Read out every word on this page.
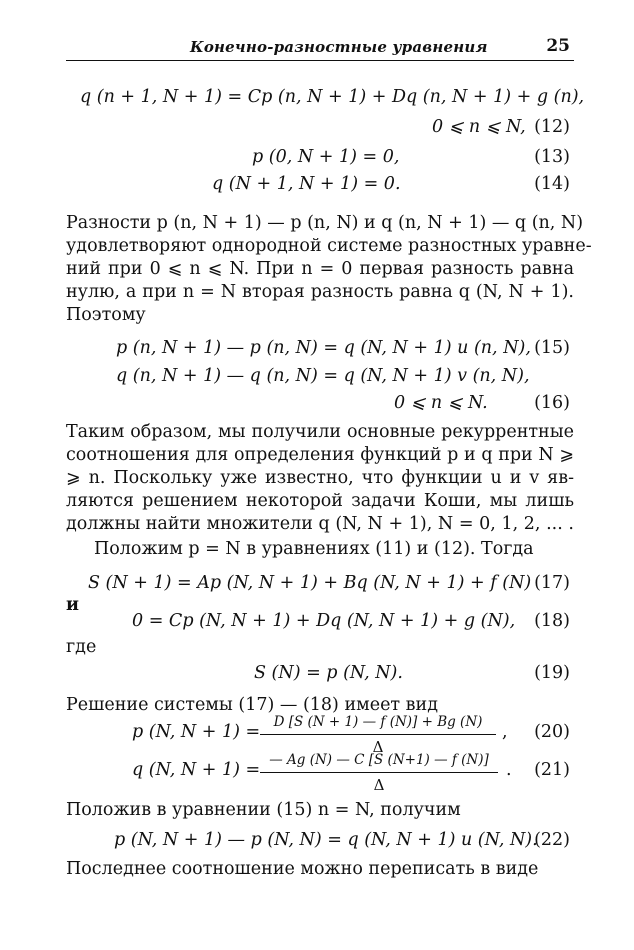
Конечно-разностные уравнения	25
q (n + 1, N + 1) = Cp (n, N + 1) + Dq (n, N + 1) + g (n),
0 ⩽ n ⩽ N, (12)
p (0, N + 1) = 0,	(13)
q (N + 1, N + 1) = 0.	(14)
Разности p (n, N + 1) — p (n, N) и q (n, N + 1) — q (n, N)
удовлетворяют однородной системе разностных уравне-
ний при 0 ⩽ n ⩽ N. При n = 0 первая разность равна
нулю, а при n = N вторая разность равна q (N, N + 1).
Поэтому
p (n, N + 1) — p (n, N) = q (N, N + 1) u (n, N), (15)
q (n, N + 1) — q (n, N) = q (N, N + 1) v (n, N),
0 ⩽ n ⩽ N.	(16)
Таким образом, мы получили основные рекуррентные
соотношения для определения функций p и q при N ⩾
⩾ n. Поскольку уже известно, что функции u и v яв-
ляются решением некоторой задачи Коши, мы лишь
должны найти множители q (N, N + 1), N = 0, 1, 2, ... .
Положим p = N в уравнениях (11) и (12). Тогда
S (N + 1) = Ap (N, N + 1) + Bq (N, N + 1) + f (N) (17)
и
0 = Cp (N, N + 1) + Dq (N, N + 1) + g (N), (18)
где
S (N) = p (N, N).	(19)
Решение системы (17) — (18) имеет вид
p (N, N + 1) = D [S (N + 1) — f (N)] + Bg (N)
Δ
, (20)
q (N, N + 1) = — Ag (N) — C [S (N+1) — f (N)]
Δ
. (21)
Положив в уравнении (15) n = N, получим
p (N, N + 1) — p (N, N) = q (N, N + 1) u (N, N).
(22)
Последнее соотношение можно переписать в виде
